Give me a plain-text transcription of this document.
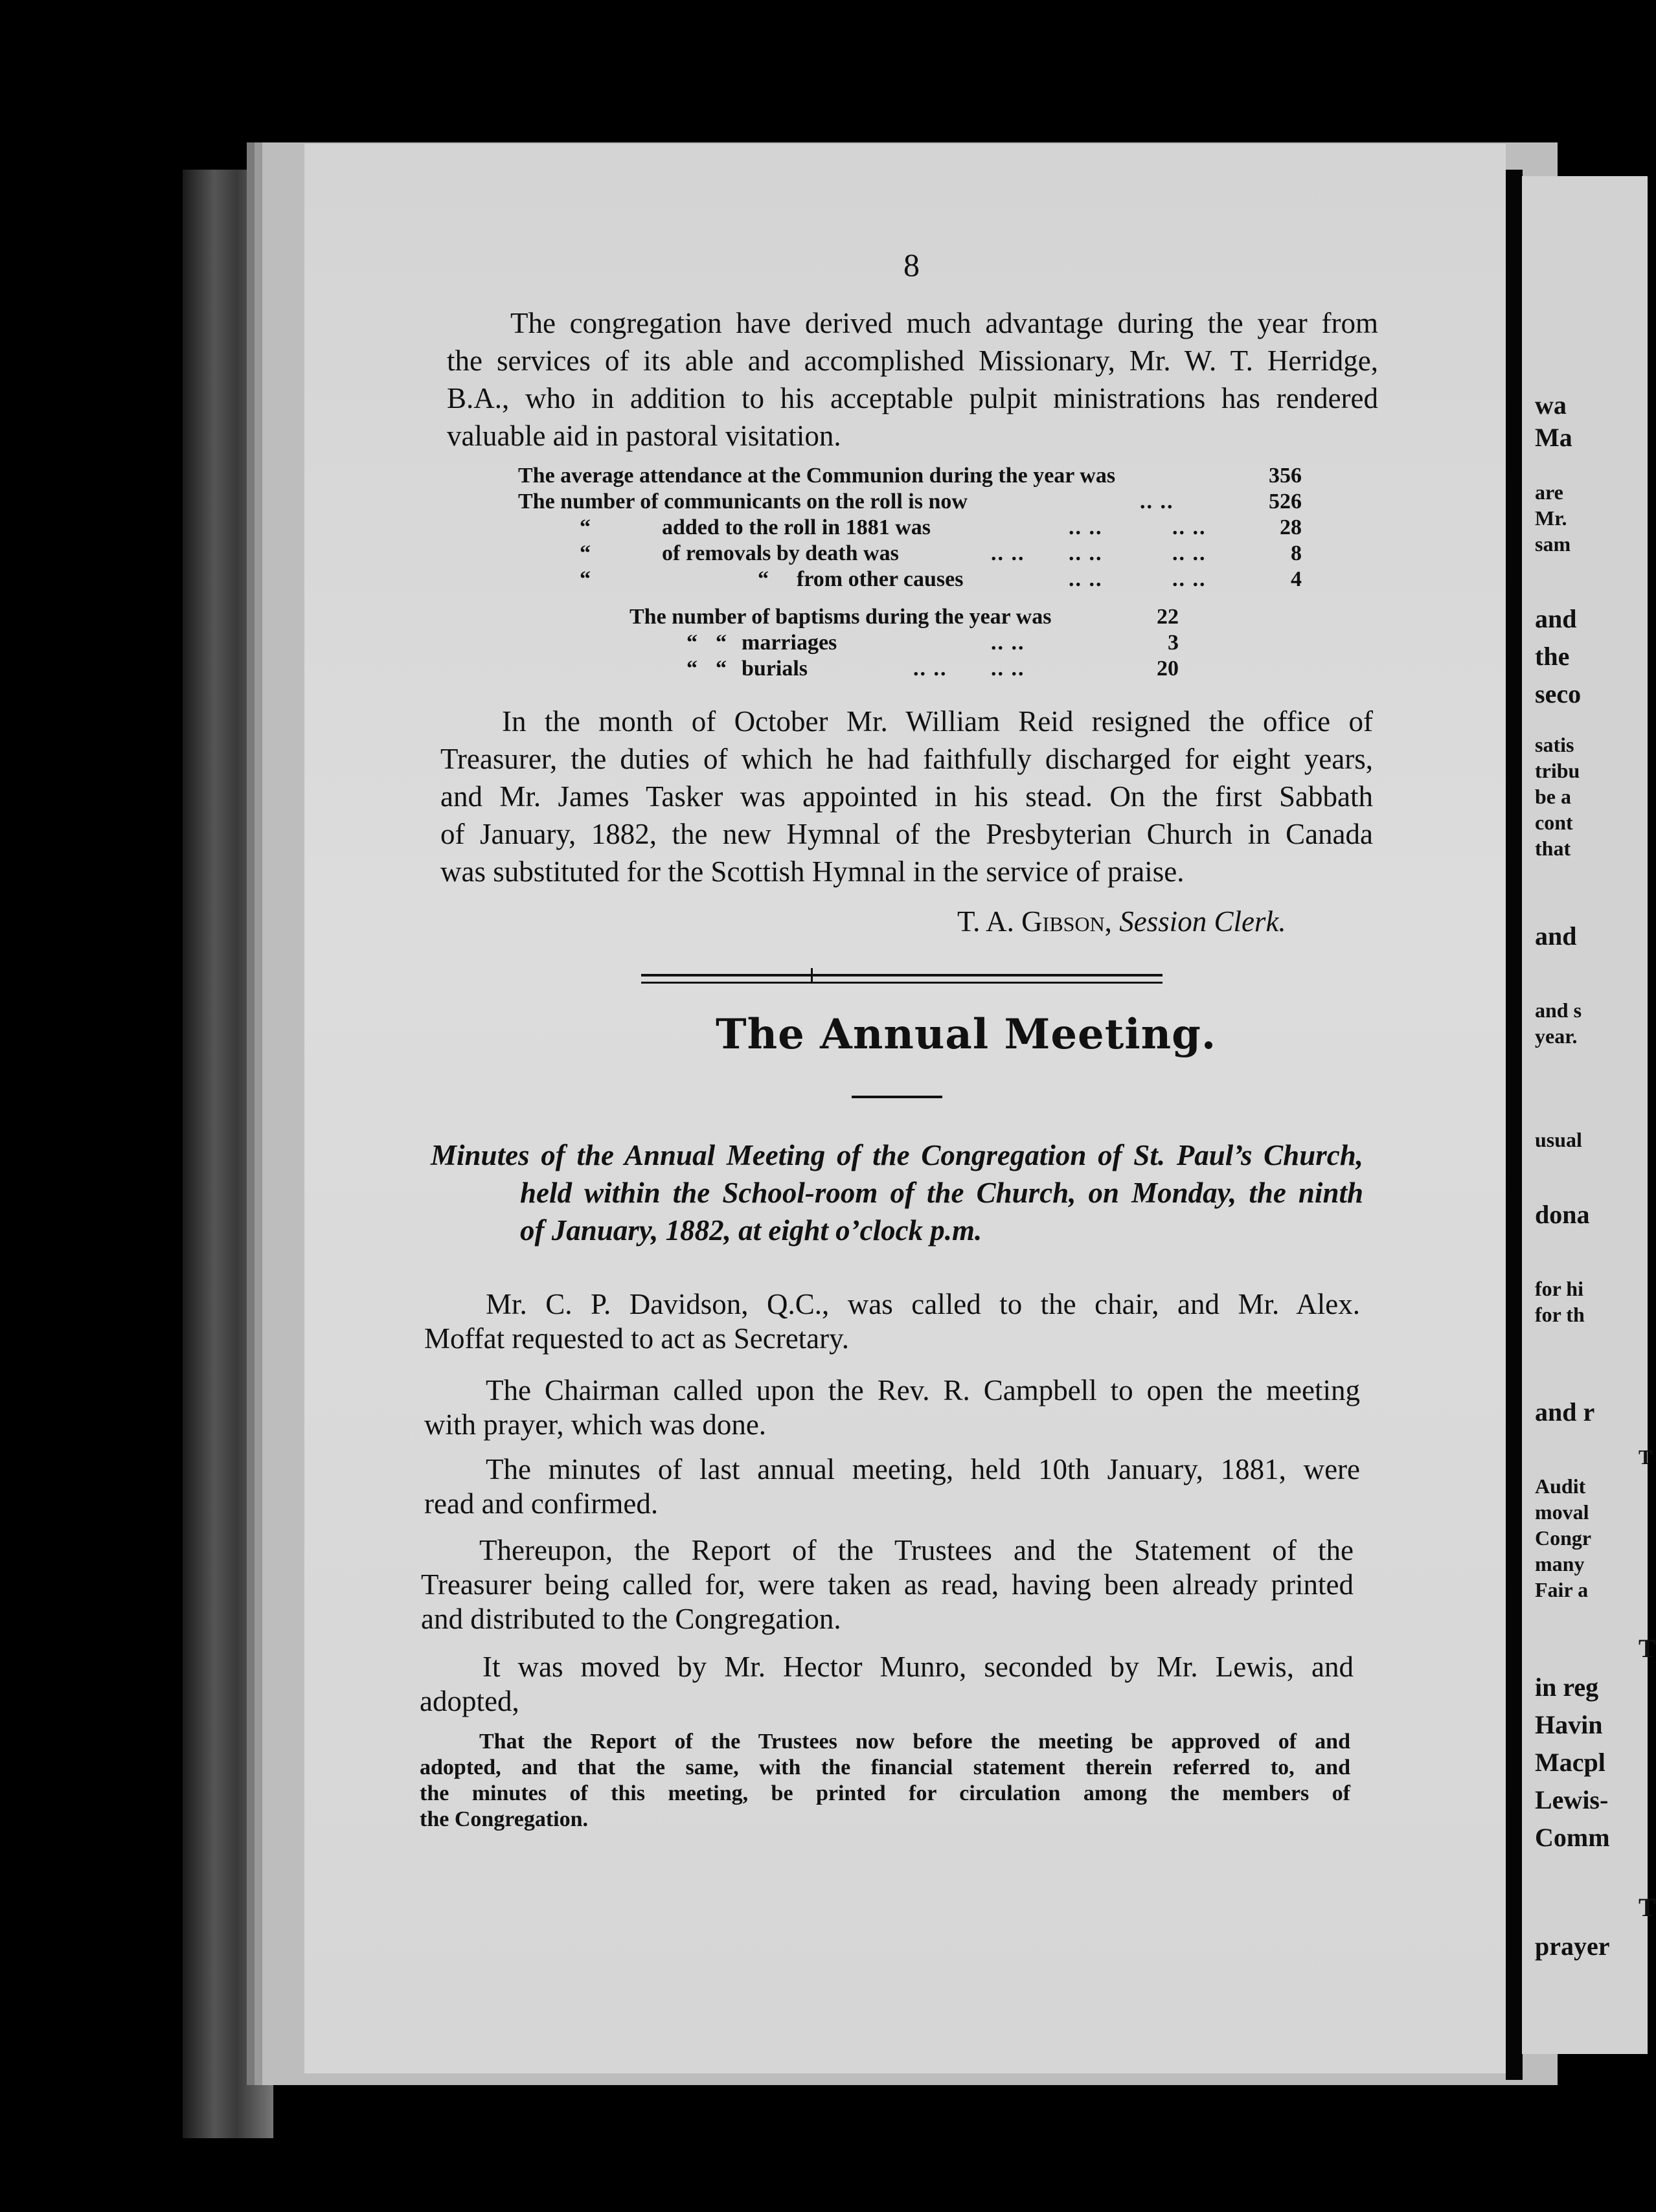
wa
Ma
are
Mr.
sam
and
the
seco
satis
tribu
be a
cont
that
and
and s
year.
usual
dona
for hi
for th
and r
T
Audit
moval
Congr
many
Fair a
T
in reg
Havin
Macpl
Lewis-
Comm
T
prayer
8
The congregation have derived much advantage during the year from
the services of its able and accomplished Missionary, Mr. W. T. Herridge,
B.A., who in addition to his acceptable pulpit ministrations has rendered
valuable aid in pastoral visitation.
The average attendance at the Communion during the year was	356
The number of communicants on the roll is now	.. ..	526
“	added to the roll in 1881 was	.. ..	.. ..	28
“	of removals by death was	.. .. .. ..	.. ..	8
“	“ from other causes	.. ..	.. ..	4
The number of baptisms during the year was	22
“ “ marriages	.. ..	3
“ “ burials	.. .. .. ..	20
In the month of October Mr. William Reid resigned the office of
Treasurer, the duties of which he had faithfully discharged for eight years,
and Mr. James Tasker was appointed in his stead. On the first Sabbath
of January, 1882, the new Hymnal of the Presbyterian Church in Canada
was substituted for the Scottish Hymnal in the service of praise.
T. A. Gibson, Session Clerk.
The Annual Meeting.
Minutes of the Annual Meeting of the Congregation of St. Paul’s Church,
held within the School-room of the Church, on Monday, the ninth
of January, 1882, at eight o’clock p.m.
Mr. C. P. Davidson, Q.C., was called to the chair, and Mr. Alex.
Moffat requested to act as Secretary.
The Chairman called upon the Rev. R. Campbell to open the meeting
with prayer, which was done.
The minutes of last annual meeting, held 10th January, 1881, were
read and confirmed.
Thereupon, the Report of the Trustees and the Statement of the
Treasurer being called for, were taken as read, having been already printed
and distributed to the Congregation.
It was moved by Mr. Hector Munro, seconded by Mr. Lewis, and
adopted,
That the Report of the Trustees now before the meeting be approved of and
adopted, and that the same, with the financial statement therein referred to, and
the minutes of this meeting, be printed for circulation among the members of
the Congregation.
